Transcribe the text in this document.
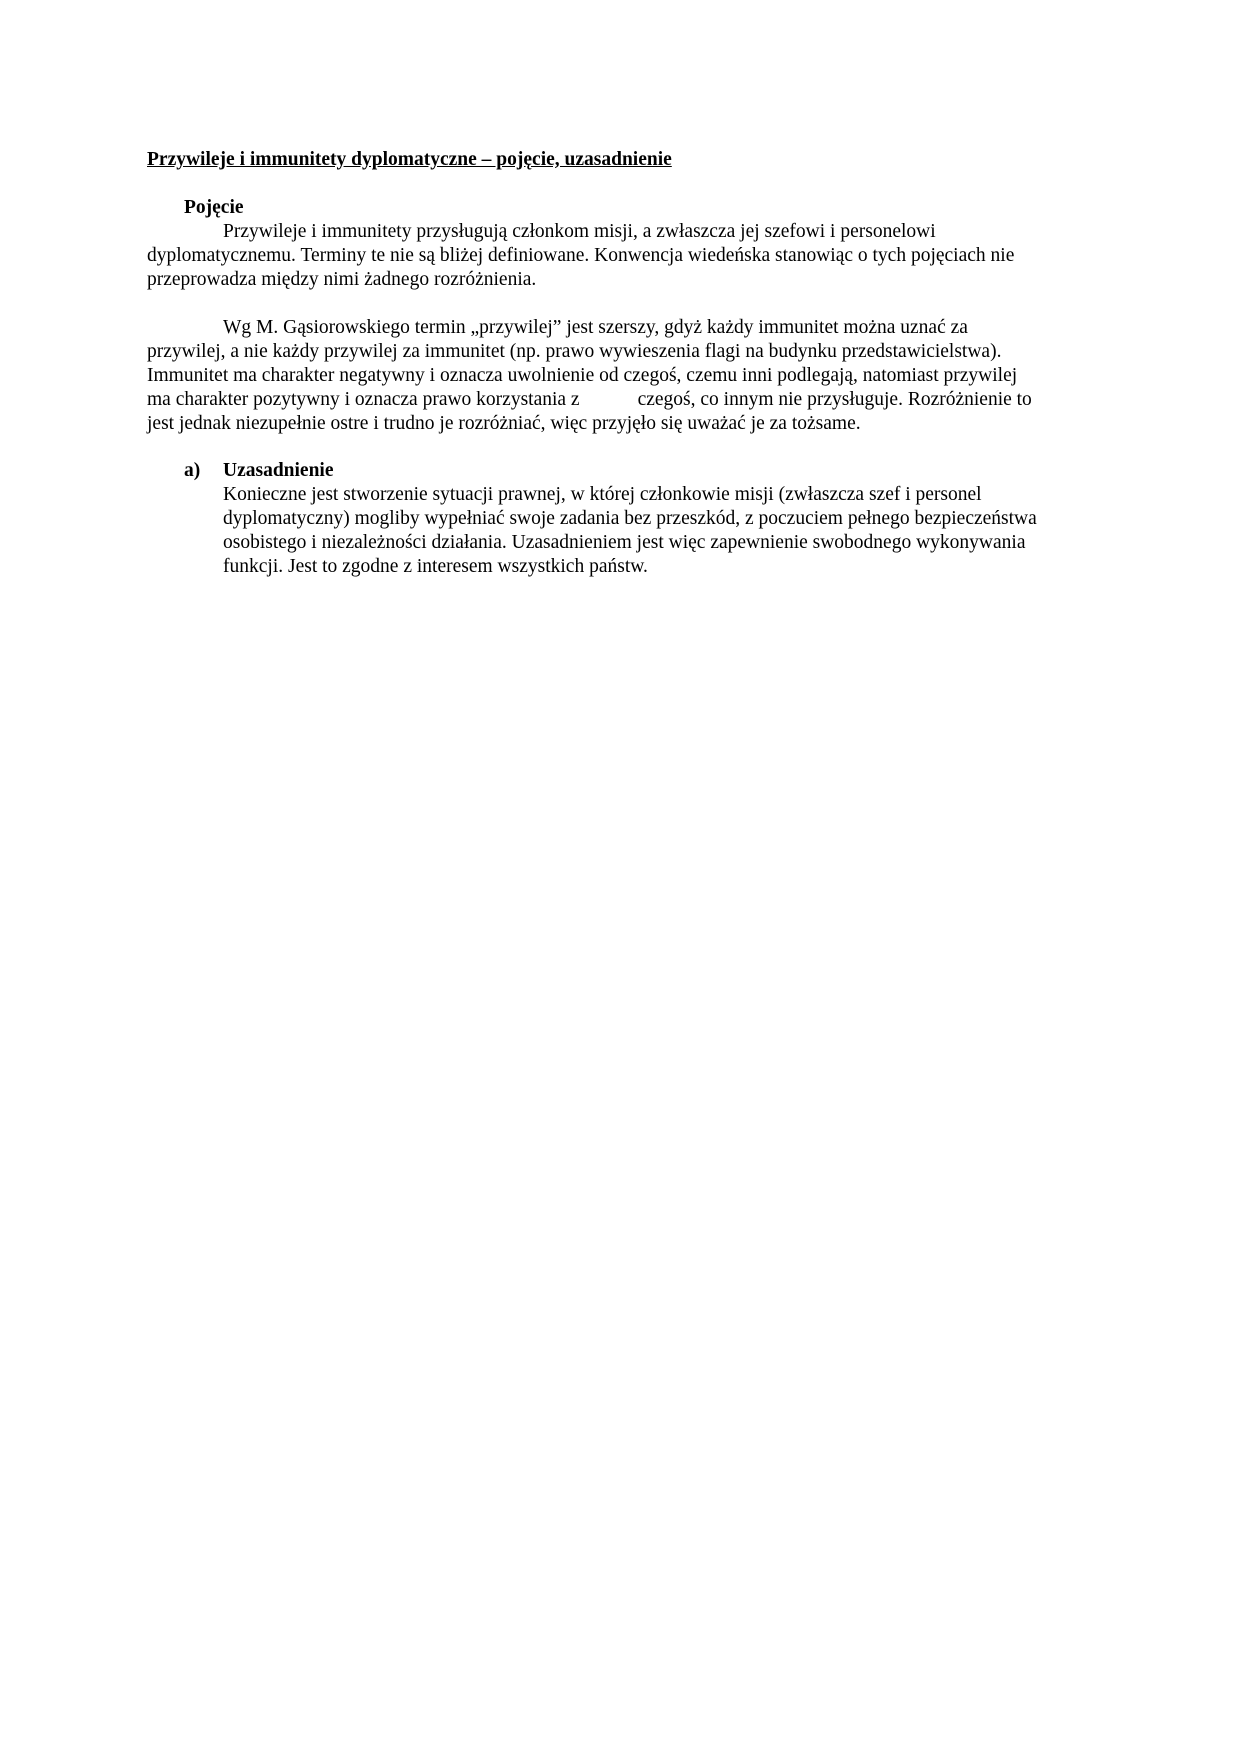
Przywileje i immunitety dyplomatyczne – pojęcie, uzasadnienie
Pojęcie
Przywileje i immunitety przysługują członkom misji, a zwłaszcza jej szefowi i personelowi
dyplomatycznemu. Terminy te nie są bliżej definiowane. Konwencja wiedeńska stanowiąc o tych pojęciach nie
przeprowadza między nimi żadnego rozróżnienia.
Wg M. Gąsiorowskiego termin „przywilej” jest szerszy, gdyż każdy immunitet można uznać za
przywilej, a nie każdy przywilej za immunitet (np. prawo wywieszenia flagi na budynku przedstawicielstwa).
Immunitet ma charakter negatywny i oznacza uwolnienie od czegoś, czemu inni podlegają, natomiast przywilej
ma charakter pozytywny i oznacza prawo korzystania z	czegoś, co innym nie przysługuje. Rozróżnienie to
jest jednak niezupełnie ostre i trudno je rozróżniać, więc przyjęło się uważać je za tożsame.
a) Uzasadnienie
Konieczne jest stworzenie sytuacji prawnej, w której członkowie misji (zwłaszcza szef i personel
dyplomatyczny) mogliby wypełniać swoje zadania bez przeszkód, z poczuciem pełnego bezpieczeństwa
osobistego i niezależności działania. Uzasadnieniem jest więc zapewnienie swobodnego wykonywania
funkcji. Jest to zgodne z interesem wszystkich państw.
